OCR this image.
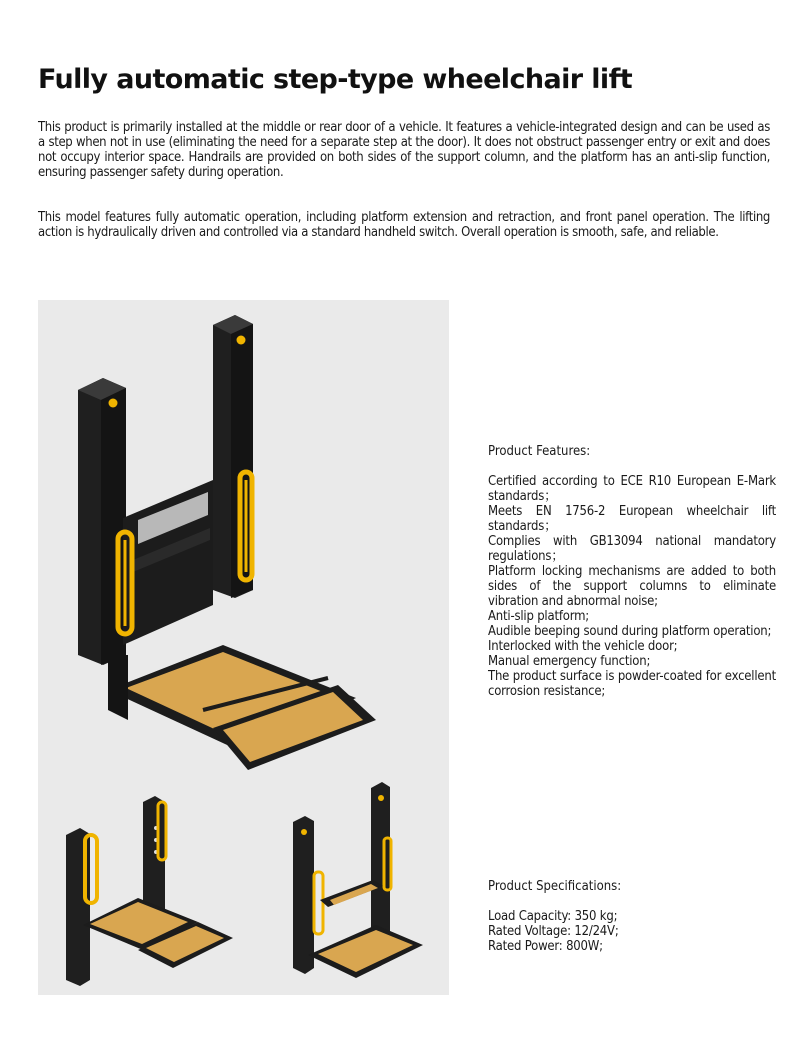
Fully automatic step-type wheelchair lift

This product is primarily installed at the middle or rear door of a vehicle. It features a vehicle-integrated design and can be used as a step when not in use (eliminating the need for a separate step at the door). It does not obstruct passenger entry or exit and does not occupy interior space. Handrails are provided on both sides of the support column, and the platform has an anti-slip function, ensuring passenger safety during operation.

This model features fully automatic operation, including platform extension and retraction, and front panel operation. The lifting action is hydraulically driven and controlled via a standard handheld switch. Overall operation is smooth, safe, and reliable.

Product Features:

Certified according to ECE R10 European E-Mark standards；
Meets EN 1756-2 European wheelchair lift standards；
Complies with GB13094 national mandatory regulations；
Platform locking mechanisms are added to both sides of the support columns to eliminate vibration and abnormal noise;
Anti-slip platform;
Audible beeping sound during platform operation;
Interlocked with the vehicle door;
Manual emergency function;
The product surface is powder-coated for excellent corrosion resistance;

Product Specifications:

Load Capacity: 350 kg;
Rated Voltage: 12/24V;
Rated Power: 800W;
